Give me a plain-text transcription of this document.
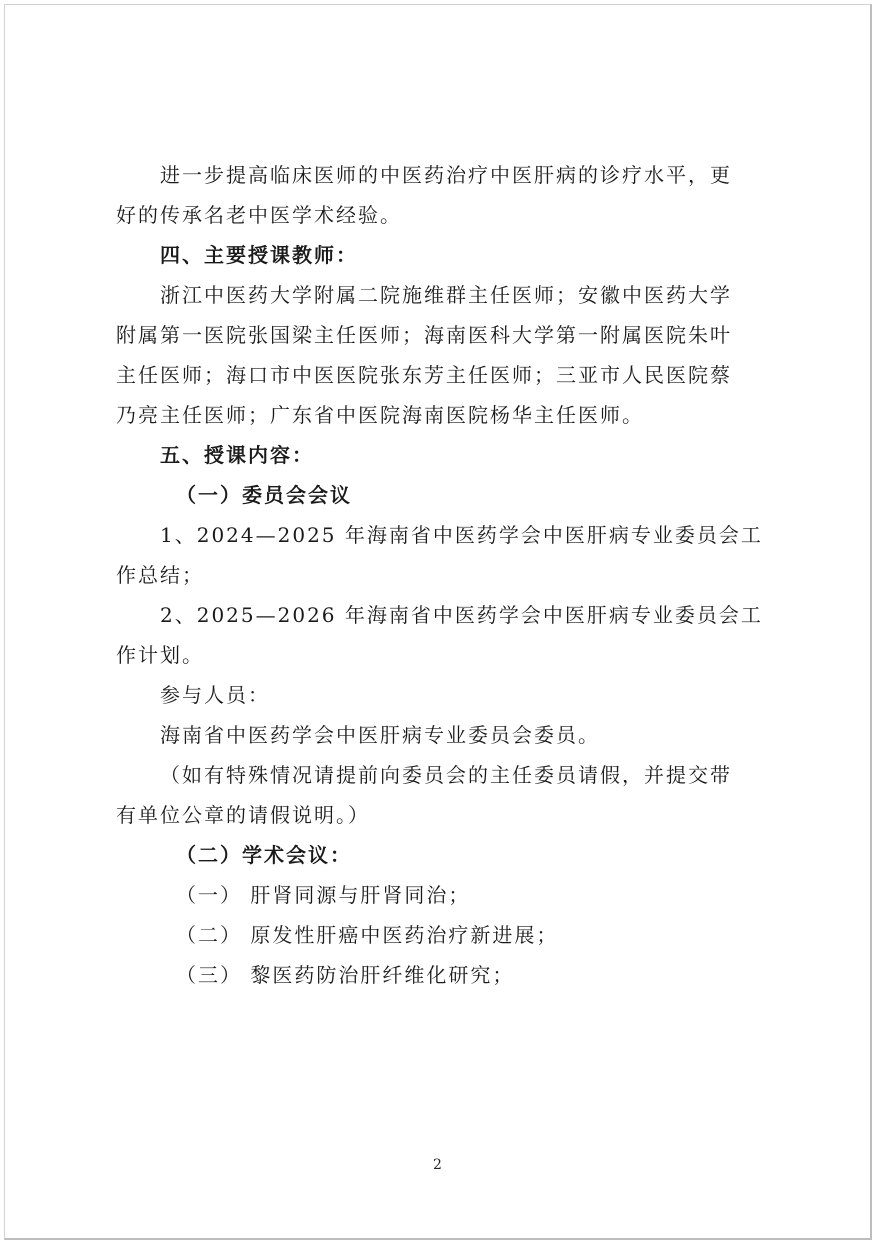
进一步提高临床医师的中医药治疗中医肝病的诊疗水平，更
好的传承名老中医学术经验。
四、主要授课教师：
浙江中医药大学附属二院施维群主任医师；安徽中医药大学
附属第一医院张国梁主任医师；海南医科大学第一附属医院朱叶
主任医师；海口市中医医院张东芳主任医师；三亚市人民医院蔡
乃亮主任医师；广东省中医院海南医院杨华主任医师。
五、授课内容：
（一）委员会会议
1、2024—2025 年海南省中医药学会中医肝病专业委员会工
作总结；
2、2025—2026 年海南省中医药学会中医肝病专业委员会工
作计划。
参与人员：
海南省中医药学会中医肝病专业委员会委员。
（如有特殊情况请提前向委员会的主任委员请假，并提交带
有单位公章的请假说明。）
（二）学术会议：
（一） 肝肾同源与肝肾同治；
（二） 原发性肝癌中医药治疗新进展；
（三） 黎医药防治肝纤维化研究；
2
